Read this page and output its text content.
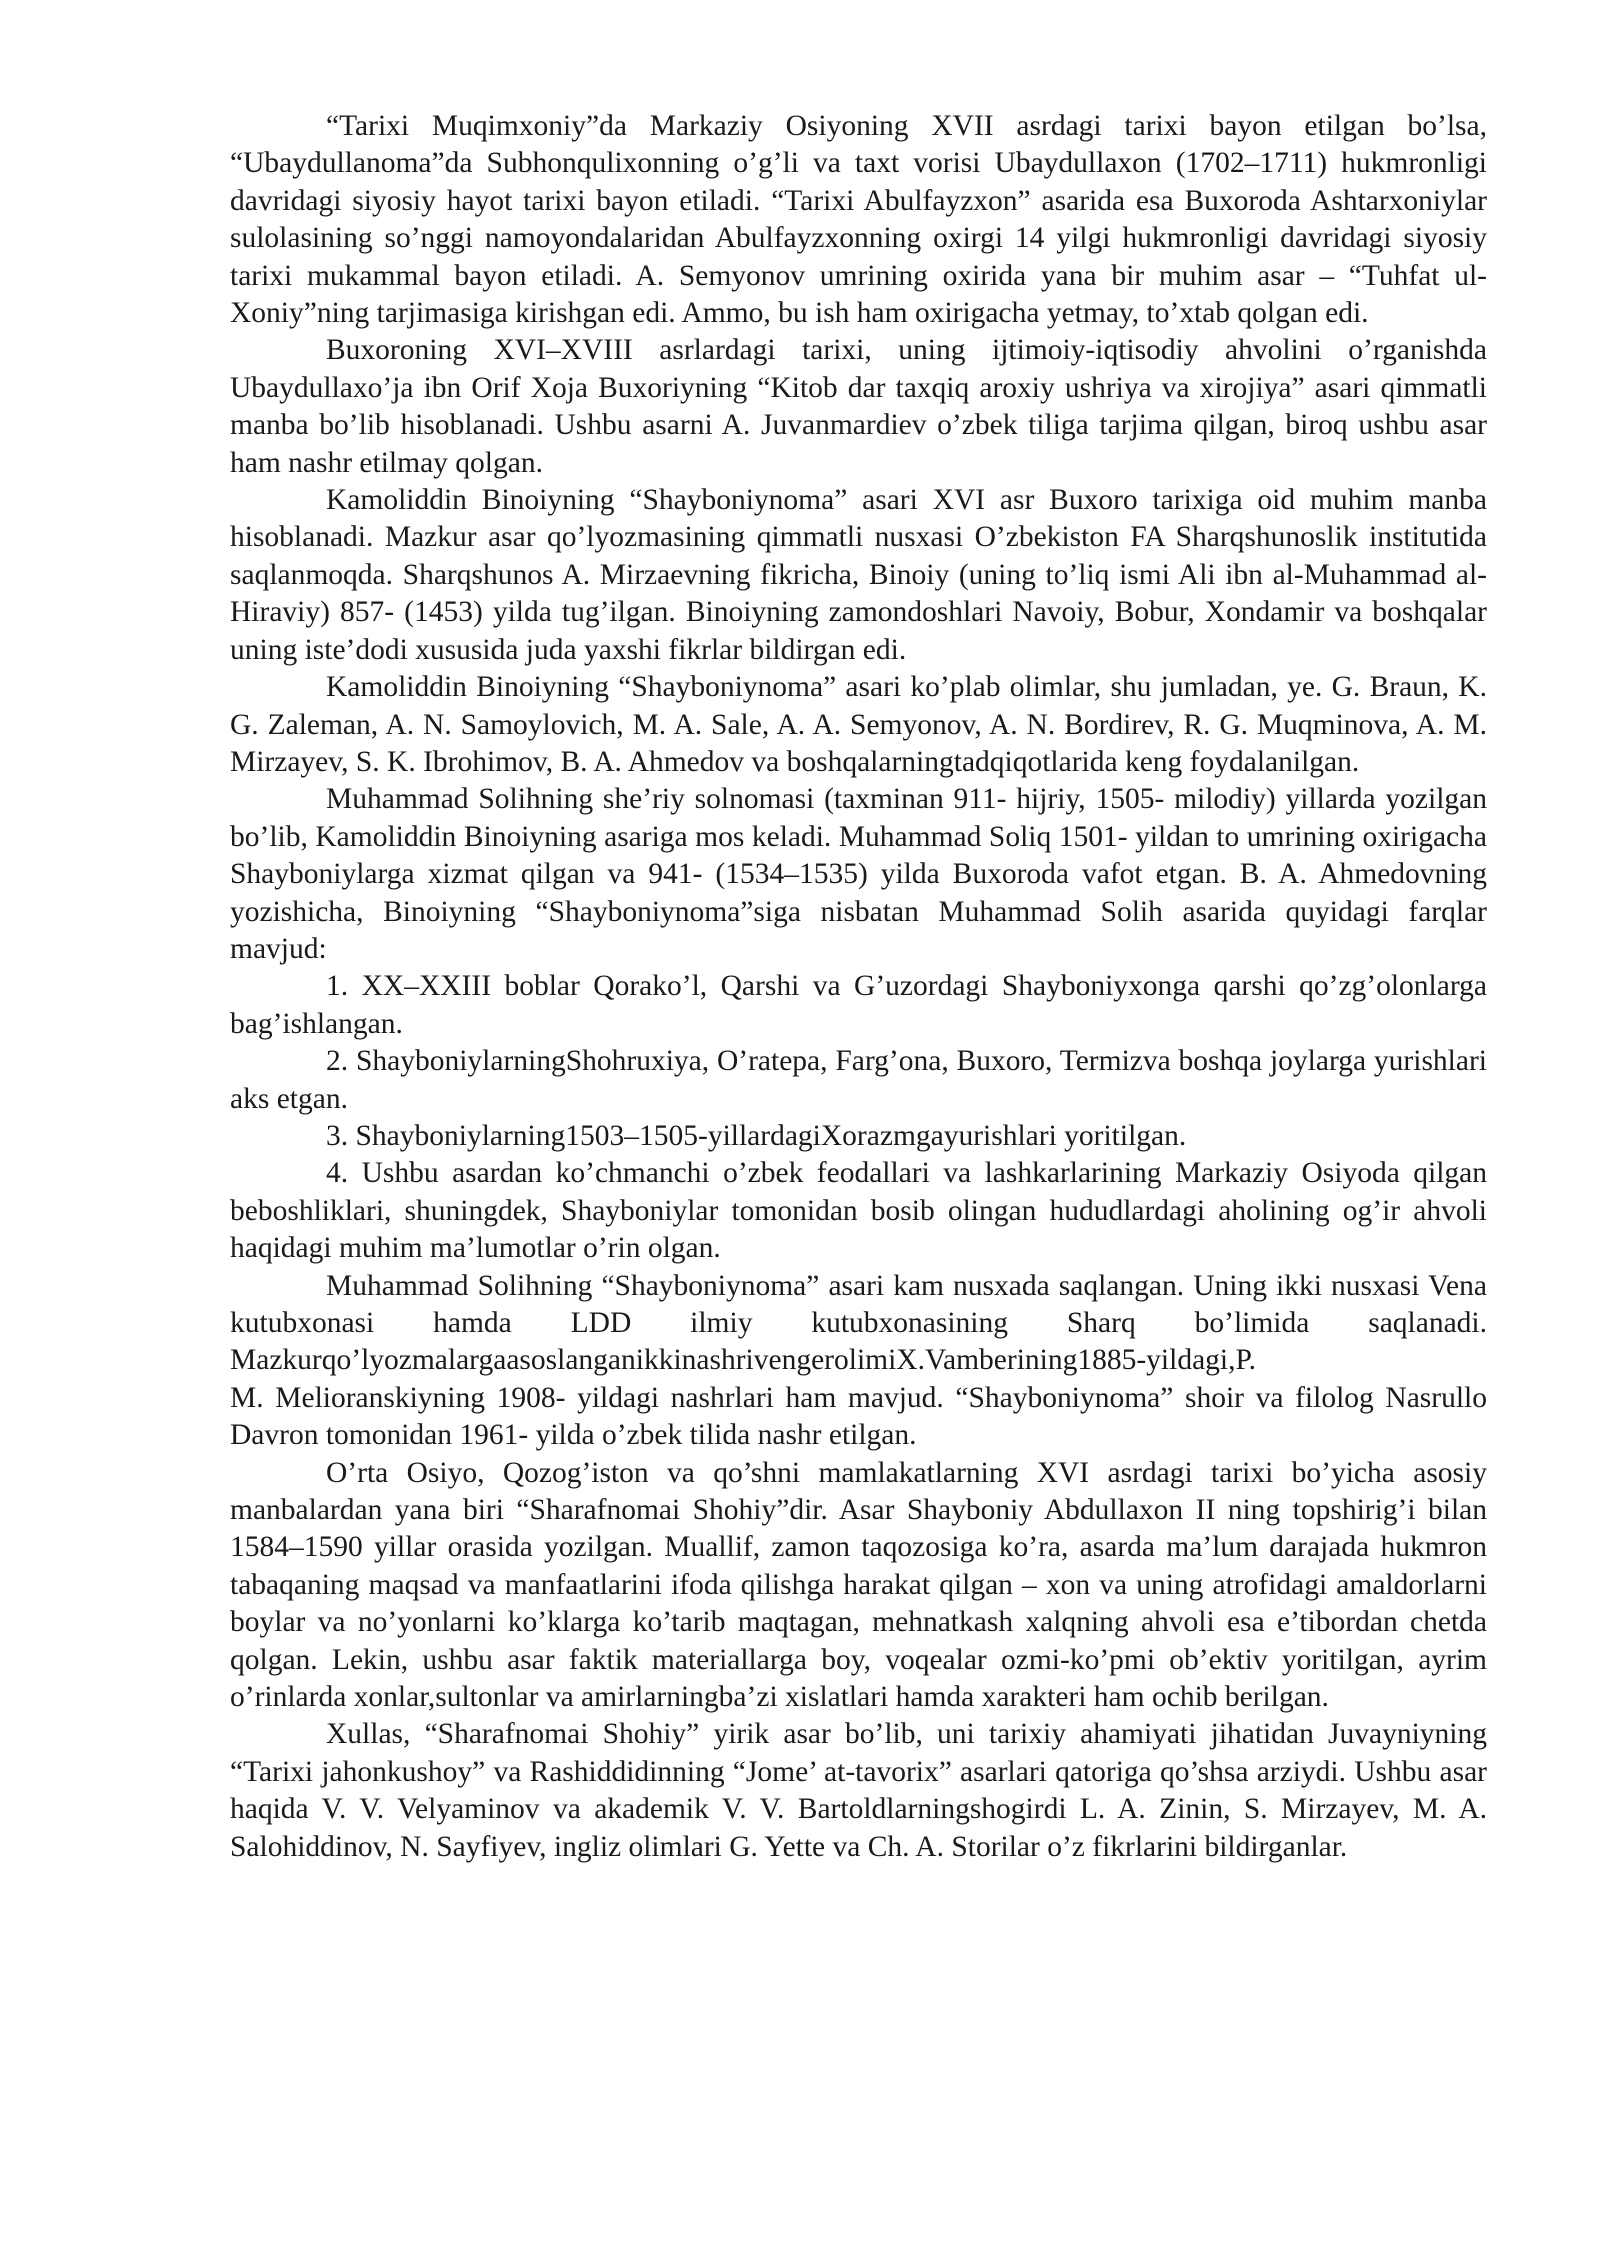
“Tarixi Muqimxoniy”da Markaziy Osiyoning XVII asrdagi tarixi bayon etilgan bo’lsa, “Ubaydullanoma”da Subhonqulixonning o’g’li va taxt vorisi Ubaydullaxon (1702–1711) hukmronligi davridagi siyosiy hayot tarixi bayon etiladi. “Tarixi Abulfayzxon” asarida esa Buxoroda Ashtarxoniylar sulolasining so’nggi namoyondalaridan Abulfayzxonning oxirgi 14 yilgi hukmronligi davridagi siyosiy tarixi mukammal bayon etiladi. A. Semyonov umrining oxirida yana bir muhim asar – “Tuhfat ul-Xoniy”ning tarjimasiga kirishgan edi. Ammo, bu ish ham oxirigacha yetmay, to’xtab qolgan edi.

Buxoroning XVI–XVIII asrlardagi tarixi, uning ijtimoiy-iqtisodiy ahvolini o’rganishda Ubaydullaxo’ja ibn Orif Xoja Buxoriyning “Kitob dar taxqiq aroxiy ushriya va xirojiya” asari qimmatli manba bo’lib hisoblanadi. Ushbu asarni A. Juvanmardiev o’zbek tiliga tarjima qilgan, biroq ushbu asar ham nashr etilmay qolgan.

Kamoliddin Binoiyning “Shayboniynoma” asari XVI asr Buxoro tarixiga oid muhim manba hisoblanadi. Mazkur asar qo’lyozmasining qimmatli nusxasi O’zbekiston FA Sharqshunoslik institutida saqlanmoqda. Sharqshunos A. Mirzaevning fikricha, Binoiy (uning to’liq ismi Ali ibn al-Muhammad al-Hiraviy) 857- (1453) yilda tug’ilgan. Binoiyning zamondoshlari Navoiy, Bobur, Xondamir va boshqalar uning iste’dodi xususida juda yaxshi fikrlar bildirgan edi.

Kamoliddin Binoiyning “Shayboniynoma” asari ko’plab olimlar, shu jumladan, ye. G. Braun, K. G. Zaleman, A. N. Samoylovich, M. A. Sale, A. A. Semyonov, A. N. Bordirev, R. G. Muqminova, A. M. Mirzayev, S. K. Ibrohimov, B. A. Ahmedov va boshqalarningtadqiqotlarida keng foydalanilgan.

Muhammad Solihning she’riy solnomasi (taxminan 911- hijriy, 1505- milodiy) yillarda yozilgan bo’lib, Kamoliddin Binoiyning asariga mos keladi. Muhammad Soliq 1501- yildan to umrining oxirigacha Shayboniylarga xizmat qilgan va 941- (1534–1535) yilda Buxoroda vafot etgan. B. A. Ahmedovning yozishicha, Binoiyning “Shayboniynoma”siga nisbatan Muhammad Solih asarida quyidagi farqlar mavjud:

1. XX–XXIII boblar Qorako’l, Qarshi va G’uzordagi Shayboniyxonga qarshi qo’zg’olonlarga bag’ishlangan.

2. ShayboniylarningShohruxiya, O’ratepa, Farg’ona, Buxoro, Termizva boshqa joylarga yurishlari aks etgan.

3. Shayboniylarning1503–1505-yillardagiXorazmgayurishlari yoritilgan.

4. Ushbu asardan ko’chmanchi o’zbek feodallari va lashkarlarining Markaziy Osiyoda qilgan beboshliklari, shuningdek, Shayboniylar tomonidan bosib olingan hududlardagi aholining og’ir ahvoli haqidagi muhim ma’lumotlar o’rin olgan.

Muhammad Solihning “Shayboniynoma” asari kam nusxada saqlangan. Uning ikki nusxasi Vena kutubxonasi hamda LDD ilmiy kutubxonasining Sharq bo’limida saqlanadi. Mazkurqo’lyozmalargaasoslanganikkinashrivengerolimiX.Vamberining1885-yildagi,P.

M. Melioranskiyning 1908- yildagi nashrlari ham mavjud. “Shayboniynoma” shoir va filolog Nasrullo Davron tomonidan 1961- yilda o’zbek tilida nashr etilgan.

O’rta Osiyo, Qozog’iston va qo’shni mamlakatlarning XVI asrdagi tarixi bo’yicha asosiy manbalardan yana biri “Sharafnomai Shohiy”dir. Asar Shayboniy Abdullaxon II ning topshirig’i bilan 1584–1590 yillar orasida yozilgan. Muallif, zamon taqozosiga ko’ra, asarda ma’lum darajada hukmron tabaqaning maqsad va manfaatlarini ifoda qilishga harakat qilgan – xon va uning atrofidagi amaldorlarni boylar va no’yonlarni ko’klarga ko’tarib maqtagan, mehnatkash xalqning ahvoli esa e’tibordan chetda qolgan. Lekin, ushbu asar faktik materiallarga boy, voqealar ozmi-ko’pmi ob’ektiv yoritilgan, ayrim o’rinlarda xonlar,sultonlar va amirlarningba’zi xislatlari hamda xarakteri ham ochib berilgan.

Xullas, “Sharafnomai Shohiy” yirik asar bo’lib, uni tarixiy ahamiyati jihatidan Juvayniyning “Tarixi jahonkushoy” va Rashiddidinning “Jome’ at-tavorix” asarlari qatoriga qo’shsa arziydi. Ushbu asar haqida V. V. Velyaminov va akademik V. V. Bartoldlarningshogirdi L. A. Zinin, S. Mirzayev, M. A. Salohiddinov, N. Sayfiyev, ingliz olimlari G. Yette va Ch. A. Storilar o’z fikrlarini bildirganlar.
